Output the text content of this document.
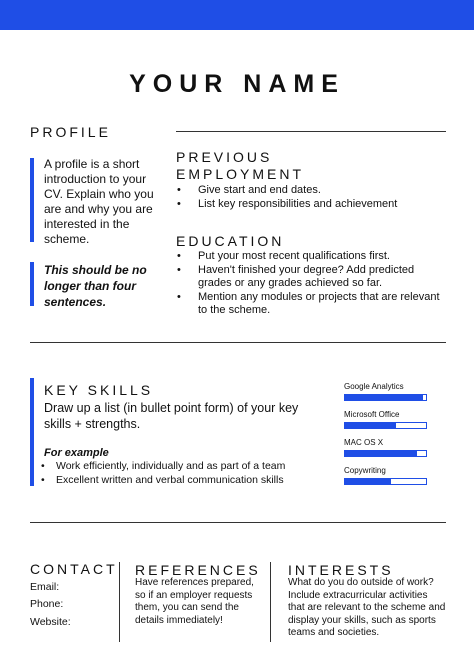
YOUR NAME
PROFILE
A profile is a short introduction to your CV. Explain who you are and why you are interested in the scheme.
This should be no longer than four sentences.
PREVIOUS
EMPLOYMENT
• Give start and end dates.
• List key responsibilities and achievement
EDUCATION
• Put your most recent qualifications first.
• Haven't finished your degree? Add predicted grades or any grades achieved so far.
• Mention any modules or projects that are relevant to the scheme.
KEY SKILLS
Draw up a list (in bullet point form) of your key skills + strengths.
For example
• Work efficiently, individually and as part of a team
• Excellent written and verbal communication skills
Google Analytics
Microsoft Office
MAC OS X
Copywriting
CONTACT
Email:
Phone:
Website:
REFERENCES
Have references prepared, so if an employer requests them, you can send the details immediately!
INTERESTS
What do you do outside of work? Include extracurricular activities that are relevant to the scheme and display your skills, such as sports teams and societies.
